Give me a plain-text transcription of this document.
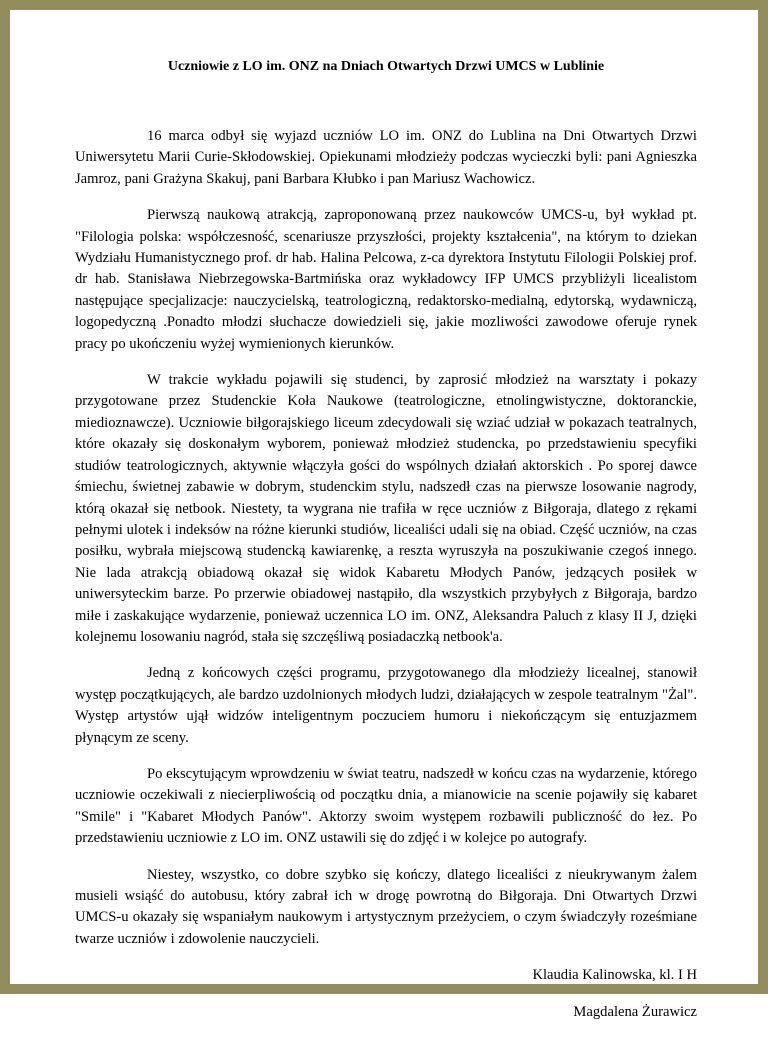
Uczniowie z LO im. ONZ na Dniach Otwartych Drzwi UMCS w Lublinie

16 marca odbył się wyjazd uczniów LO im. ONZ do Lublina na Dni Otwartych Drzwi Uniwersytetu Marii Curie-Skłodowskiej. Opiekunami młodzieży podczas wycieczki byli: pani Agnieszka Jamroz, pani Grażyna Skakuj, pani Barbara Kłubko i pan Mariusz Wachowicz.

Pierwszą naukową atrakcją, zaproponowaną przez naukowców UMCS-u, był wykład pt. "Filologia polska: współczesność, scenariusze przyszłości, projekty kształcenia", na którym to dziekan Wydziału Humanistycznego prof. dr hab. Halina Pelcowa, z-ca dyrektora Instytutu Filologii Polskiej prof. dr hab. Stanisława Niebrzegowska-Bartmińska oraz wykładowcy IFP UMCS przybliżyli licealistom następujące specjalizacje: nauczycielską, teatrologiczną, redaktorsko-medialną, edytorską, wydawniczą, logopedyczną .Ponadto młodzi słuchacze dowiedzieli się, jakie mozliwości zawodowe oferuje rynek pracy po ukończeniu wyżej wymienionych kierunków.

W trakcie wykładu pojawili się studenci, by zaprosić młodzież na warsztaty i pokazy przygotowane przez Studenckie Koła Naukowe (teatrologiczne, etnolingwistyczne, doktoranckie, miedioznawcze). Uczniowie biłgorajskiego liceum zdecydowali się wziać udział w pokazach teatralnych, które okazały się doskonałym wyborem, ponieważ młodzież studencka, po przedstawieniu specyfiki studiów teatrologicznych, aktywnie włączyła gości do wspólnych działań aktorskich . Po sporej dawce śmiechu, świetnej zabawie w dobrym, studenckim stylu, nadszedł czas na pierwsze losowanie nagrody, którą okazał się netbook. Niestety, ta wygrana nie trafiła w ręce uczniów z Biłgoraja, dlatego z rękami pełnymi ulotek i indeksów na różne kierunki studiów, licealiści udali się na obiad. Część uczniów, na czas posiłku, wybrała miejscową studencką kawiarenkę, a reszta wyruszyła na poszukiwanie czegoś innego. Nie lada atrakcją obiadową okazał się widok Kabaretu Młodych Panów, jedzących posiłek w uniwersyteckim barze. Po przerwie obiadowej nastąpiło, dla wszystkich przybyłych z Biłgoraja, bardzo miłe i zaskakujące wydarzenie, ponieważ uczennica LO im. ONZ, Aleksandra Paluch z klasy II J, dzięki kolejnemu losowaniu nagród, stała się szczęśliwą posiadaczką netbook'a.

Jedną z końcowych części programu, przygotowanego dla młodzieży licealnej, stanowił występ początkujących, ale bardzo uzdolnionych młodych ludzi, działających w zespole teatralnym "Żal". Występ artystów ujął widzów inteligentnym poczuciem humoru i niekończącym się entuzjazmem płynącym ze sceny.

Po ekscytującym wprowdzeniu w świat teatru, nadszedł w końcu czas na wydarzenie, którego uczniowie oczekiwali z niecierpliwością od początku dnia, a mianowicie na scenie pojawiły się kabaret "Smile" i "Kabaret Młodych Panów". Aktorzy swoim występem rozbawili publiczność do łez. Po przedstawieniu uczniowie z LO im. ONZ ustawili się do zdjęć i w kolejce po autografy.

Niestey, wszystko, co dobre szybko się kończy, dlatego licealiści z nieukrywanym żalem musieli wsiąść do autobusu, który zabrał ich w drogę powrotną do Biłgoraja. Dni Otwartych Drzwi UMCS-u okazały się wspaniałym naukowym i artystycznym przeżyciem, o czym świadczyły roześmiane twarze uczniów i zdowolenie nauczycieli.

Klaudia Kalinowska, kl. I H

Magdalena Żurawicz
